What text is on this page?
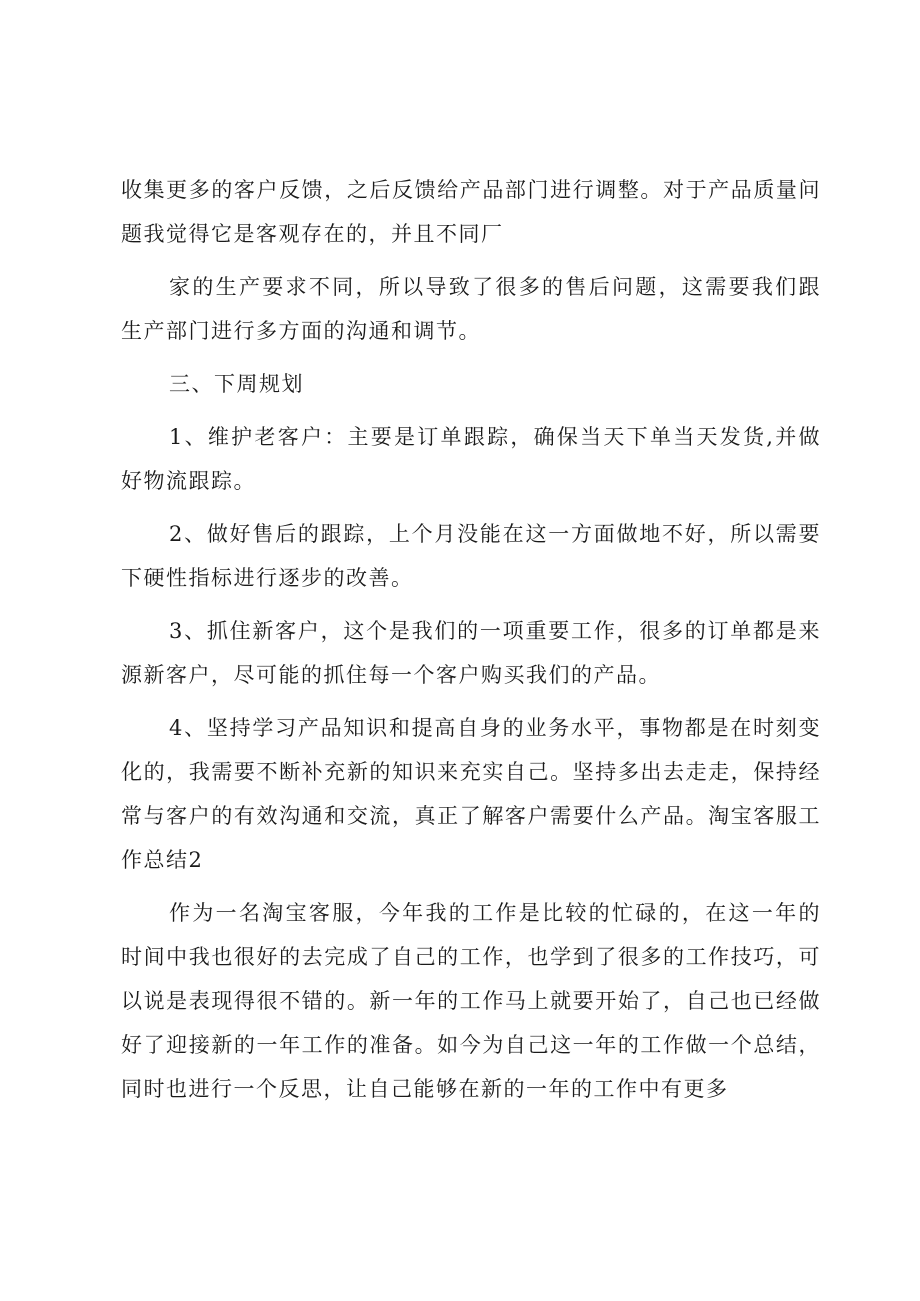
收集更多的客户反馈，之后反馈给产品部门进行调整。对于产品质量问题我觉得它是客观存在的，并且不同厂

家的生产要求不同，所以导致了很多的售后问题，这需要我们跟生产部门进行多方面的沟通和调节。

三、下周规划

1、维护老客户：主要是订单跟踪，确保当天下单当天发货,并做好物流跟踪。

2、做好售后的跟踪，上个月没能在这一方面做地不好，所以需要下硬性指标进行逐步的改善。

3、抓住新客户，这个是我们的一项重要工作，很多的订单都是来源新客户，尽可能的抓住每一个客户购买我们的产品。

4、坚持学习产品知识和提高自身的业务水平，事物都是在时刻变化的，我需要不断补充新的知识来充实自己。坚持多出去走走，保持经常与客户的有效沟通和交流，真正了解客户需要什么产品。淘宝客服工作总结2

作为一名淘宝客服，今年我的工作是比较的忙碌的，在这一年的时间中我也很好的去完成了自己的工作，也学到了很多的工作技巧，可以说是表现得很不错的。新一年的工作马上就要开始了，自己也已经做好了迎接新的一年工作的准备。如今为自己这一年的工作做一个总结，同时也进行一个反思，让自己能够在新的一年的工作中有更多
